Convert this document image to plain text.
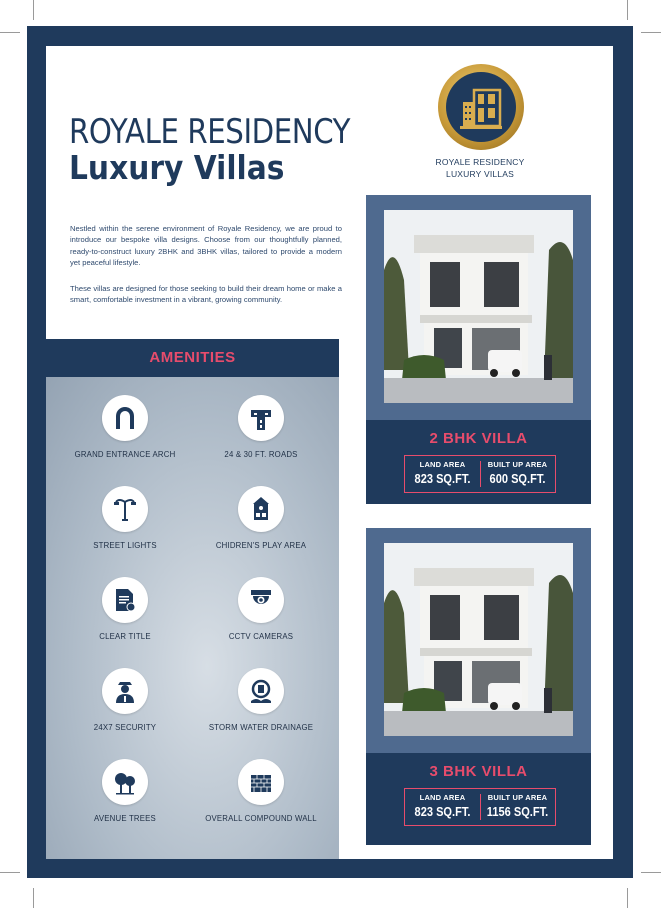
ROYALE RESIDENCY
Luxury Villas
Nestled within the serene environment of Royale Residency, we are proud to introduce our bespoke villa designs. Choose from our thoughtfully planned, ready-to-construct luxury 2BHK and 3BHK villas, tailored to provide a modern yet peaceful lifestyle.
These villas are designed for those seeking to build their dream home or make a smart, comfortable investment in a vibrant, growing community.
ROYALE RESIDENCY
LUXURY VILLAS
AMENITIES
GRAND ENTRANCE ARCH	24 & 30 FT. ROADS
STREET LIGHTS	CHIDREN'S PLAY AREA
CLEAR TITLE	CCTV CAMERAS
24X7 SECURITY	STORM WATER DRAINAGE
AVENUE TREES	OVERALL COMPOUND WALL
2 BHK VILLA
LAND AREA
823 SQ.FT.
BUILT UP AREA
600 SQ.FT.
3 BHK VILLA
LAND AREA
823 SQ.FT.
BUILT UP AREA
1156 SQ.FT.
